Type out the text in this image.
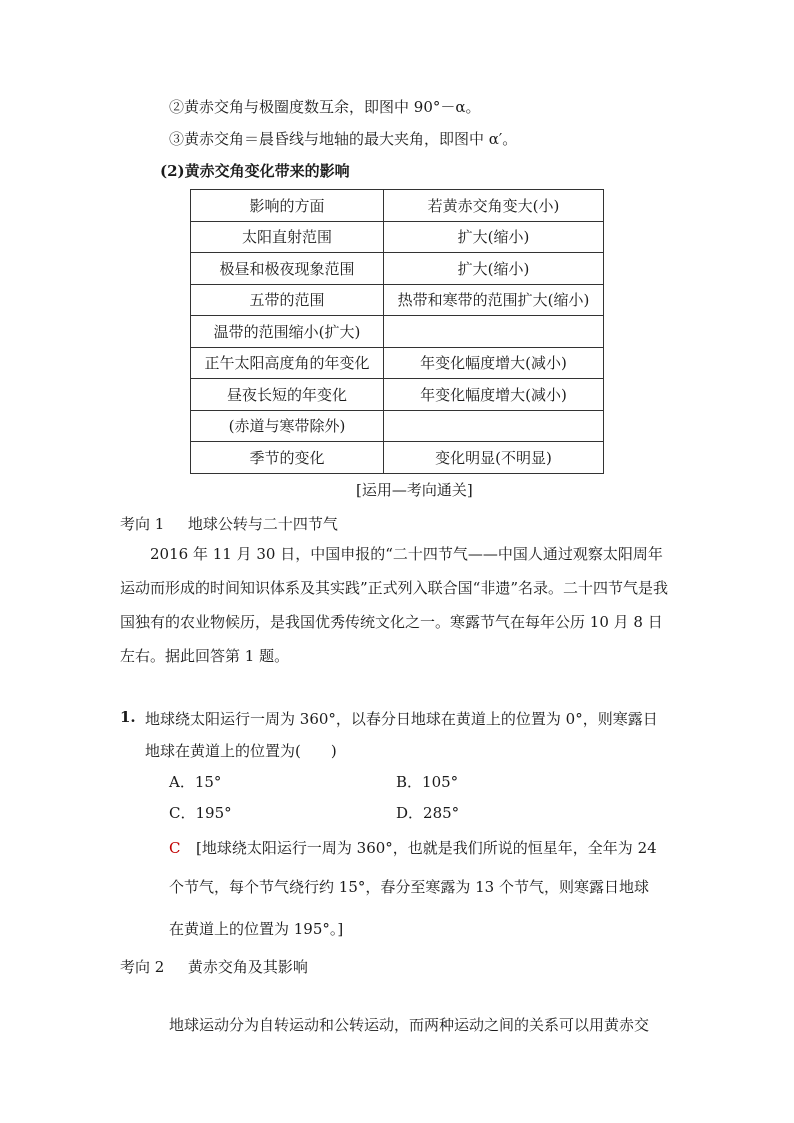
②黄赤交角与极圈度数互余，即图中 90°－α。
③黄赤交角＝晨昏线与地轴的最大夹角，即图中 α′。
(2)黄赤交角变化带来的影响
影响的方面	若黄赤交角变大(小)
太阳直射范围	扩大(缩小)
极昼和极夜现象范围	扩大(缩小)
五带的范围	热带和寒带的范围扩大(缩小)
温带的范围缩小(扩大)	
正午太阳高度角的年变化	年变化幅度增大(减小)
昼夜长短的年变化	年变化幅度增大(减小)
(赤道与寒带除外)	
季节的变化	变化明显(不明显)
[运用—考向通关]
考向 1 地球公转与二十四节气
2016 年 11 月 30 日，中国申报的“二十四节气——中国人通过观察太阳周年运动而形成的时间知识体系及其实践”正式列入联合国“非遗”名录。二十四节气是我国独有的农业物候历，是我国优秀传统文化之一。寒露节气在每年公历 10 月 8 日左右。据此回答第 1 题。
1. 地球绕太阳运行一周为 360°，以春分日地球在黄道上的位置为 0°，则寒露日
地球在黄道上的位置为(　　)
A．15°	B．105°
C．195°	D．285°
C [地球绕太阳运行一周为 360°，也就是我们所说的恒星年，全年为 24
个节气，每个节气绕行约 15°，春分至寒露为 13 个节气，则寒露日地球
在黄道上的位置为 195°。]
考向 2 黄赤交角及其影响
地球运动分为自转运动和公转运动，而两种运动之间的关系可以用黄赤交
